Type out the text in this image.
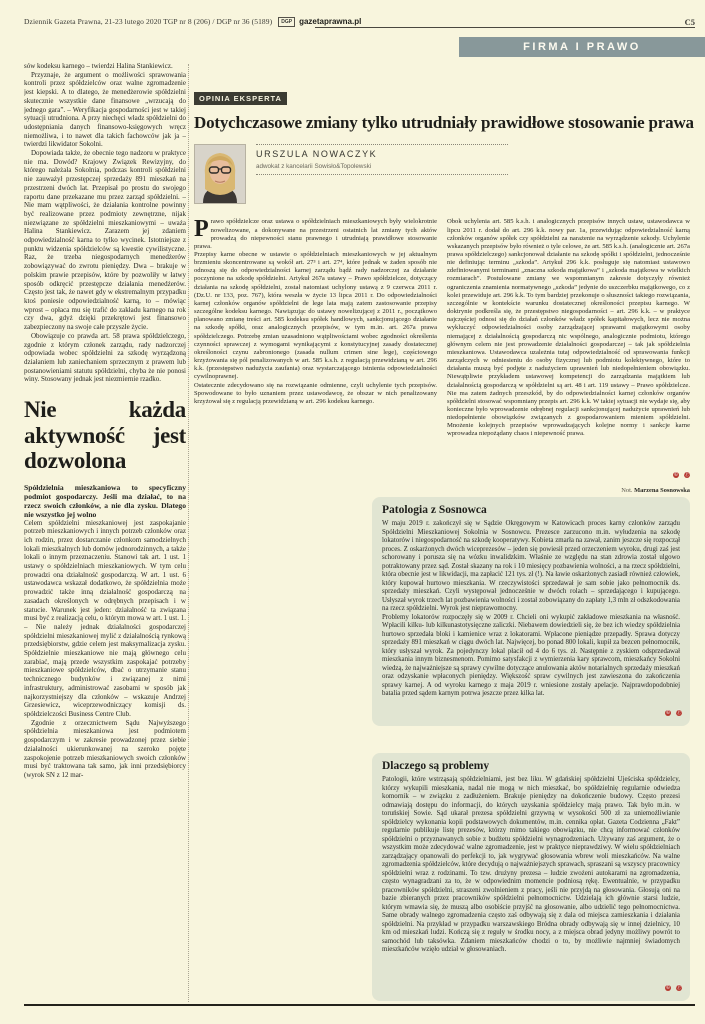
Dziennik Gazeta Prawna, 21-23 lutego 2020 TGP nr 8 (206) / DGP nr 36 (5189) DGP gazetaprawna.pl	C5
FIRMA I PRAWO

sów kodeksu karnego – twierdzi Halina Stankiewicz.

Przyznaje, że argument o możliwości sprawowania kontroli przez spółdzielców oraz walne zgromadzenie jest kiepski. A to dlatego, że menedżerowie spółdzielni skutecznie wszystkie dane finansowe „wrzucają do jednego gara”. – Weryfikacja gospodarności jest w takiej sytuacji utrudniona. A przy niechęci władz spółdzielni do udostępniania danych finansowo-księgowych wręcz niemożliwa, i to nawet dla takich fachowców jak ja – twierdzi likwidator Sokolni.

Dopowiada także, że obecnie tego nadzoru w praktyce nie ma. Dowód? Krajowy Związek Rewizyjny, do którego należała Sokolnia, podczas kontroli spółdzielni nie zauważył przestępczej sprzedaży 891 mieszkań na przestrzeni dwóch lat. Przepisał po prostu do swojego raportu dane przekazane mu przez zarząd spółdzielni. – Nie mam wątpliwości, że działania kontrolne powinny być realizowane przez podmioty zewnętrzne, nijak niezwiązane ze spółdzielni mieszkaniowymi – uważa Halina Stankiewicz. Zarazem jej zdaniem odpowiedzialność karna to tylko wycinek. Istotniejsze z punktu widzenia spółdzielców są kwestie cywilistyczne. Raz, że trzeba niegospodarnych menedżerów zobowiązywać do zwrotu pieniędzy. Dwa – brakuje w polskim prawie przepisów, które by pozwoliły w łatwy sposób odkręcić przestępcze działania menedżerów. Często jest tak, że nawet gdy w ekstremalnym przypadku ktoś poniesie odpowiedzialność karną, to – mówiąc wprost – opłaca mu się trafić do zakładu karnego na rok czy dwa, gdyż dzięki przekrętowi jest finansowo zabezpieczony na swoje całe przyszłe życie.

Obowiązuje co prawda art. 58 prawa spółdzielczego, zgodnie z którym członek zarządu, rady nadzorczej odpowiada wobec spółdzielni za szkodę wyrządzoną działaniem lub zaniechaniem sprzecznym z prawem lub postanowieniami statutu spółdzielni, chyba że nie ponosi winy. Stosowany jednak jest niezmiernie rzadko.

Nie każda aktywność jest dozwolona

Spółdzielnia mieszkaniowa to specyficzny podmiot gospodarczy. Jeśli ma działać, to na rzecz swoich członków, a nie dla zysku. Dlatego nie wszystko jej wolno

Celem spółdzielni mieszkaniowej jest zaspokajanie potrzeb mieszkaniowych i innych potrzeb członków oraz ich rodzin, przez dostarczanie członkom samodzielnych lokali mieszkalnych lub domów jednorodzinnych, a także lokali o innym przeznaczeniu. Stanowi tak art. 1 ust. 1 ustawy o spółdzielniach mieszkaniowych. W tym celu prowadzi ona działalność gospodarczą. W art. 1 ust. 6 ustawodawca wskazał dodatkowo, że spółdzielnia może prowadzić także inną działalność gospodarczą na zasadach określonych w odrębnych przepisach i w statucie. Warunek jest jeden: działalność ta związana musi być z realizacją celu, o którym mowa w art. 1 ust. 1. – Nie należy jednak działalności gospodarczej spółdzielni mieszkaniowej mylić z działalnością rynkową przedsiębiorstw, gdzie celem jest maksymalizacja zysku. Spółdzielnie mieszkaniowe nie mają głównego celu zarabiać, mają przede wszystkim zaspokajać potrzeby mieszkaniowe spółdzielców, dbać o utrzymanie stanu technicznego budynków i związanej z nimi infrastruktury, administrować zasobami w sposób jak najkorzystniejszy dla członków – wskazuje Andrzej Grzesiewicz, wiceprzewodniczący komisji ds. spółdzielczości Business Centre Club.

Zgodnie z orzecznictwem Sądu Najwyższego spółdzielnia mieszkaniowa jest podmiotem gospodarczym i w zakresie prowadzonej przez siebie działalności ukierunkowanej na szeroko pojęte zaspokojenie potrzeb mieszkaniowych swoich członków musi być traktowana tak samo, jak inni przedsiębiorcy (wyrok SN z 12 mar-

OPINIA EKSPERTA
Dotychczasowe zmiany tylko utrudniały prawidłowe stosowanie prawa
URSZULA NOWACZYK
adwokat z kancelarii Sowisło&Topolewski

Prawo spółdzielcze oraz ustawa o spółdzielniach mieszkaniowych były wielokrotnie nowelizowane, a dokonywane na przestrzeni ostatnich lat zmiany tych aktów prowadzą do niepewności stanu prawnego i utrudniają prawidłowe stosowanie prawa.

Przepisy karne obecne w ustawie o spółdzielniach mieszkaniowych w jej aktualnym brzmieniu skoncentrowane są wokół art. 27³ i art. 27⁴, które jednak w żaden sposób nie odnoszą się do odpowiedzialności karnej zarządu bądź rady nadzorczej za działanie poczynione na szkodę spółdzielni. Artykuł 267a ustawy – Prawo spółdzielcze, dotyczący działania na szkodę spółdzielni, został natomiast uchylony ustawą z 9 czerwca 2011 r. (Dz.U. nr 133, poz. 767), która weszła w życie 13 lipca 2011 r. Do odpowiedzialności karnej członków organów spółdzielni de lege lata mają zatem zastosowanie przepisy szczególne kodeksu karnego. Nawiązując do ustawy nowelizującej z 2011 r., początkowo planowano zmianę treści art. 585 kodeksu spółek handlowych, sankcjonującego działanie na szkodę spółki, oraz analogicznych przepisów, w tym m.in. art. 267a prawa spółdzielczego. Potrzebę zmian uzasadniono wątpliwościami wobec zgodności określenia czynności sprawczej z wymogami wynikającymi z konstytucyjnej zasady dostatecznej określoności czynu zabronionego (zasada nullum crimen sine lege), częściowego krzyżowania się pól penalizowanych w art. 585 k.s.h. z regulacją przewidzianą w art. 296 k.k. (przestępstwo nadużycia zaufania) oraz wystarczającego istnienia odpowiedzialności cywilnoprawnej.

Ostatecznie zdecydowano się na rozwiązanie odmienne, czyli uchylenie tych przepisów. Spowodowane to było uznaniem przez ustawodawcę, że obszar w nich penalizowany krzyżował się z regulacją przewidzianą w art. 296 kodeksu karnego.

Obok uchylenia art. 585 k.s.h. i analogicznych przepisów innych ustaw, ustawodawca w lipcu 2011 r. dodał do art. 296 k.k. nowy par. 1a, przewidując odpowiedzialność karną członków organów spółek czy spółdzielni za narażenie na wyrządzenie szkody. Uchylenie wskazanych przepisów było również o tyle celowe, że art. 585 k.s.h. (analogicznie art. 267a prawa spółdzielczego) sankcjonował działanie na szkodę spółki i spółdzielni, jednocześnie nie definiując terminu „szkoda”. Artykuł 296 k.k. posługuje się natomiast ustawowo zdefiniowanymi terminami „znaczna szkoda majątkowa” i „szkoda majątkowa w wielkich rozmiarach”. Postulowane zmiany we wspomnianym zakresie dotyczyły również ograniczenia znamienia normatywnego „szkoda” jedynie do uszczerbku majątkowego, co z kolei przewiduje art. 296 k.k. To tym bardziej przekonuje o słuszności takiego rozwiązania, szczególnie w kontekście warunku dostatecznej określoności przepisu karnego. W doktrynie podkreśla się, że przestępstwo niegospodarności – art. 296 k.k. – w praktyce najczęściej odnosi się do działań członków władz spółek kapitałowych, lecz nie można wykluczyć odpowiedzialności osoby zarządzającej sprawami majątkowymi osoby niemającej z działalnością gospodarczą nic wspólnego, analogicznie podmiotu, którego głównym celem nie jest prowadzenie działalności gospodarczej – tak jak spółdzielnia mieszkaniowa. Ustawodawca uzależnia tutaj odpowiedzialność od sprawowania funkcji zarządczych w odniesieniu do osoby fizycznej lub podmiotu kolektywnego, które to działania muszą być podjęte z nadużyciem uprawnień lub niedopełnieniem obowiązku. Niewątpliwie przykładem ustawowej kompetencji do zarządzania majątkiem lub działalnością gospodarczą w spółdzielni są art. 48 i art. 119 ustawy – Prawo spółdzielcze. Nie ma zatem żadnych przeszkód, by do odpowiedzialności karnej członków organów spółdzielni stosować wspomniany przepis art. 296 k.k. W takiej sytuacji nie wydaje się, aby konieczne było wprowadzenie odrębnej regulacji sankcjonującej nadużycie uprawnień lub niedopełnienie obowiązków związanych z gospodarowaniem mieniem spółdzielni. Mnożenie kolejnych przepisów wprowadzających kolejne normy i sankcje karne wprowadza niepożądany chaos i niepewność prawa.

© Ⓟ
Not. Marzena Sosnowska
Patologia z Sosnowca

W maju 2019 r. zakończył się w Sądzie Okręgowym w Katowicach proces karny członków zarządu Spółdzielni Mieszkaniowej Sokolnia w Sosnowcu. Prezesce zarzucono m.in. wyłudzenia na szkodę lokatorów i niegospodarność na szkodę kooperatywy. Kobieta zmarła na zawał, zanim jeszcze się rozpoczął proces. Z oskarżonych dwóch wiceprezesów – jeden się powiesił przed orzeczeniem wyroku, drugi zaś jest schorowany i porusza się na wózku inwalidzkim. Właśnie ze względu na stan zdrowia został ulgowo potraktowany przez sąd. Został skazany na rok i 10 miesięcy pozbawienia wolności, a na rzecz spółdzielni, która obecnie jest w likwidacji, ma zapłacić 121 tys. zł (!). Na ławie oskarżonych zasiadł również człowiek, który kupował hurtowo mieszkania. W rzeczywistości sprzedawał je sam sobie jako pełnomocnik ds. sprzedaży mieszkań. Czyli występował jednocześnie w dwóch rolach – sprzedającego i kupującego. Usłyszał wyrok trzech lat pozbawienia wolności i został zobowiązany do zapłaty 1,3 mln zł odszkodowania na rzecz spółdzielni. Wyrok jest nieprawomocny.

Problemy lokatorów rozpoczęły się w 2009 r. Chcieli oni wykupić zakładowe mieszkania na własność. Wpłacili kilku- lub kilkunastotysięczne zaliczki. Niebawem dowiedzieli się, że bez ich wiedzy spółdzielnia hurtowo sprzedała bloki i kamienice wraz z lokatorami. Wpłacone pieniądze przepadły. Sprawa dotyczy sprzedaży 891 mieszkań w ciągu dwóch lat. Najwięcej, bo ponad 800 lokali, kupił za bezcen pełnomocnik, który usłyszał wyrok. Za pojedynczy lokal płacił od 4 do 6 tys. zł. Następnie z zyskiem odsprzedawał mieszkania innym biznesmenom. Pomimo satysfakcji z wymierzenia kary sprawcom, mieszkańcy Sokolni wiedzą, że najważniejsze są sprawy cywilne dotyczące anulowania aktów notarialnych sprzedaży mieszkań oraz odzyskanie wpłaconych pieniędzy. Większość spraw cywilnych jest zawieszona do zakończenia sprawy karnej. A od wyroku karnego z maja 2019 r. wniesione zostały apelacje. Najprawdopodobniej batalia przed sądem karnym potrwa jeszcze przez kilka lat.

© Ⓟ
Dlaczego są problemy

Patologii, które wstrząsają spółdzielniami, jest bez liku. W gdańskiej spółdzielni Ujeściska spółdzielcy, którzy wykupili mieszkania, nadal nie mogą w nich mieszkać, bo spółdzielnię regularnie odwiedza komornik – w związku z zadłużeniem. Brakuje pieniędzy na dokończenie budowy. Często prezesi odmawiają dostępu do informacji, do których uzyskania spółdzielcy mają prawo. Tak było m.in. w toruńskiej Sowie. Sąd ukarał prezesa spółdzielni grzywną w wysokości 500 zł za uniemożliwianie spółdzielcy wykonania kopii podstawowych dokumentów, m.in. cennika opłat. Gazeta Codzienna „Fakt” regularnie publikuje listę prezesów, którzy mimo takiego obowiązku, nie chcą informować członków spółdzielni o przyznawanych sobie z budżetu spółdzielni wynagrodzeniach. Używany zaś argument, że o wszystkim może zdecydować walne zgromadzenie, jest w praktyce nieprawdziwy. W wielu spółdzielniach zarządzający opanowali do perfekcji to, jak wygrywać głosowania wbrew woli mieszkańców. Na walne zgromadzenia spółdzielców, które decydują o najważniejszych sprawach, spraszani są wszyscy pracownicy spółdzielni wraz z rodzinami. To tzw. drużyny prezesa – ludzie zwożeni autokarami na zgromadzenia, często wynagradzani za to, że w odpowiednim momencie podniosą rękę. Ewentualnie, w przypadku pracowników spółdzielni, straszeni zwolnieniem z pracy, jeśli nie przyjdą na głosowania. Głosują oni na bazie zbieranych przez pracowników spółdzielni pełnomocnictw. Udzielają ich głównie starsi ludzie, którym wmawia się, że muszą albo osobiście przyjść na głosowanie, albo udzielić tego pełnomocnictwa. Same obrady walnego zgromadzenia często zaś odbywają się z dala od miejsca zamieszkania i działania spółdzielni. Na przykład w przypadku warszawskiego Bródna obrady odbywają się w innej dzielnicy, 10 km od mieszkań ludzi. Kończą się z reguły w środku nocy, a z miejsca obrad jedyny możliwy powrót to samochód lub taksówka. Zdaniem mieszkańców chodzi o to, by możliwie najmniej świadomych mieszkańców wzięło udział w głosowaniach.

© Ⓟ
